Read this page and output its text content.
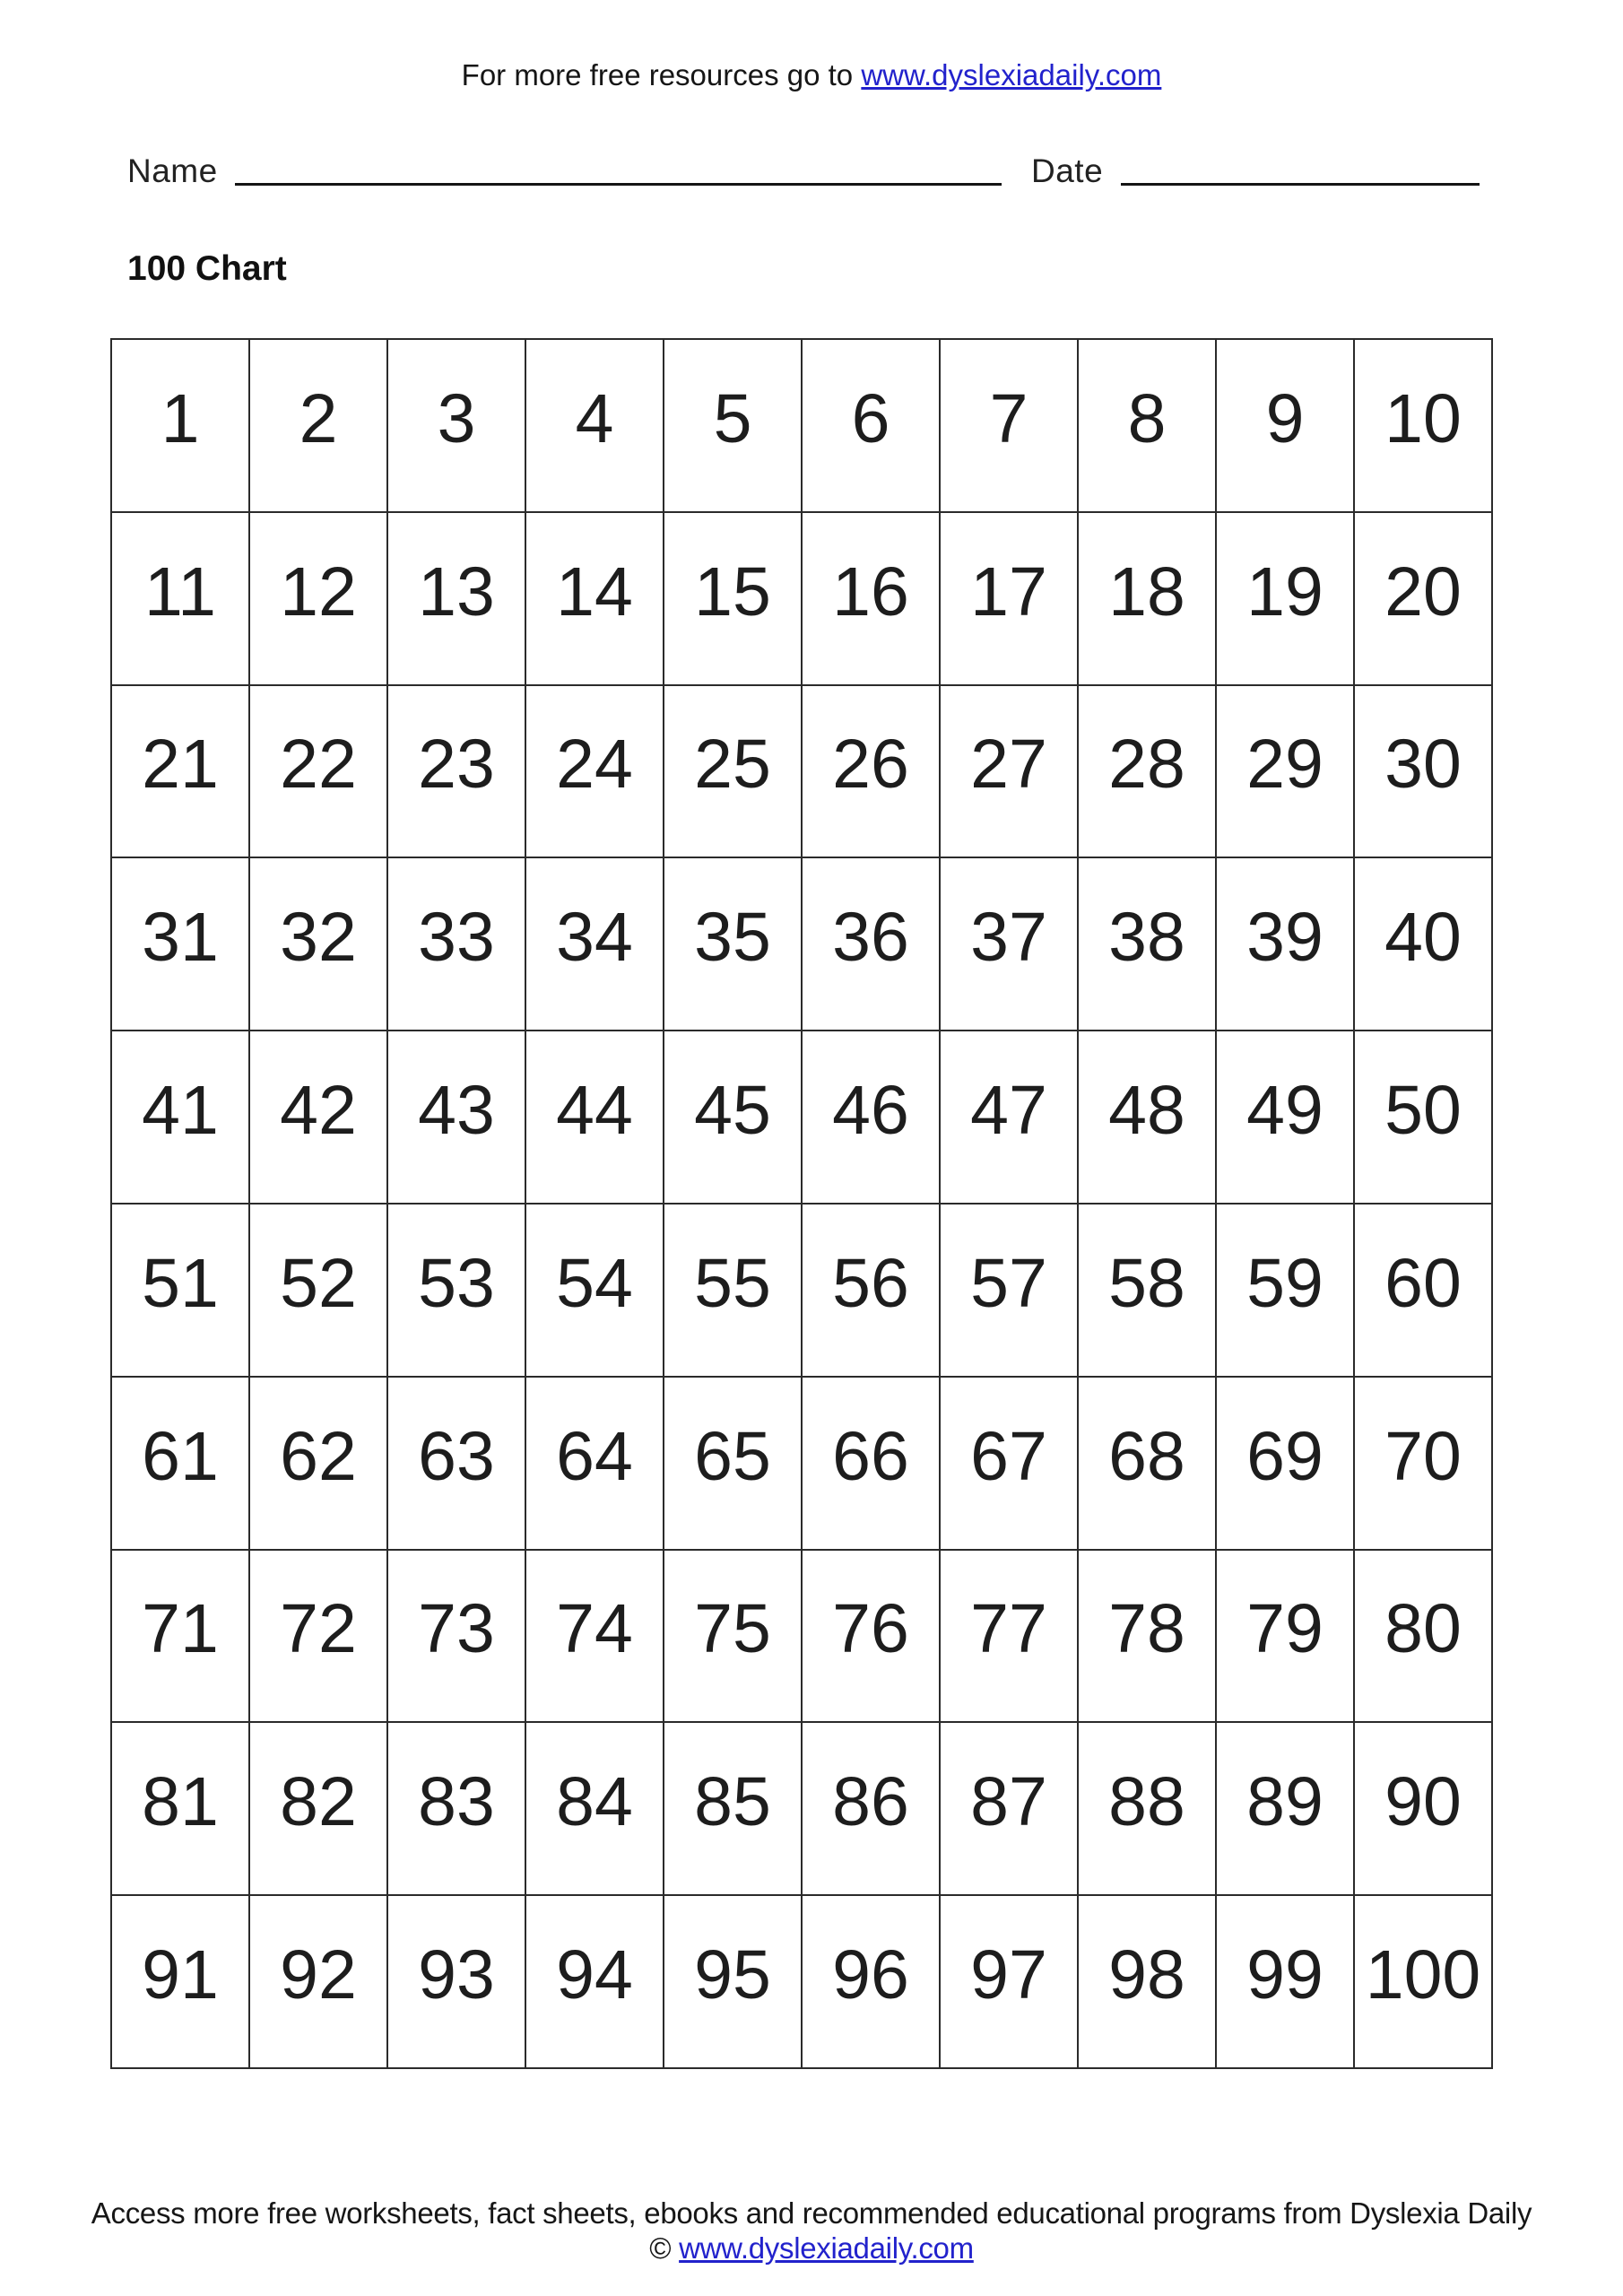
For more free resources go to www.dyslexiadaily.com
Name	Date
100 Chart
1	2	3	4	5	6	7	8	9	10
11	12	13	14	15	16	17	18	19	20
21	22	23	24	25	26	27	28	29	30
31	32	33	34	35	36	37	38	39	40
41	42	43	44	45	46	47	48	49	50
51	52	53	54	55	56	57	58	59	60
61	62	63	64	65	66	67	68	69	70
71	72	73	74	75	76	77	78	79	80
81	82	83	84	85	86	87	88	89	90
91	92	93	94	95	96	97	98	99	100
Access more free worksheets, fact sheets, ebooks and recommended educational programs from Dyslexia Daily
© www.dyslexiadaily.com
